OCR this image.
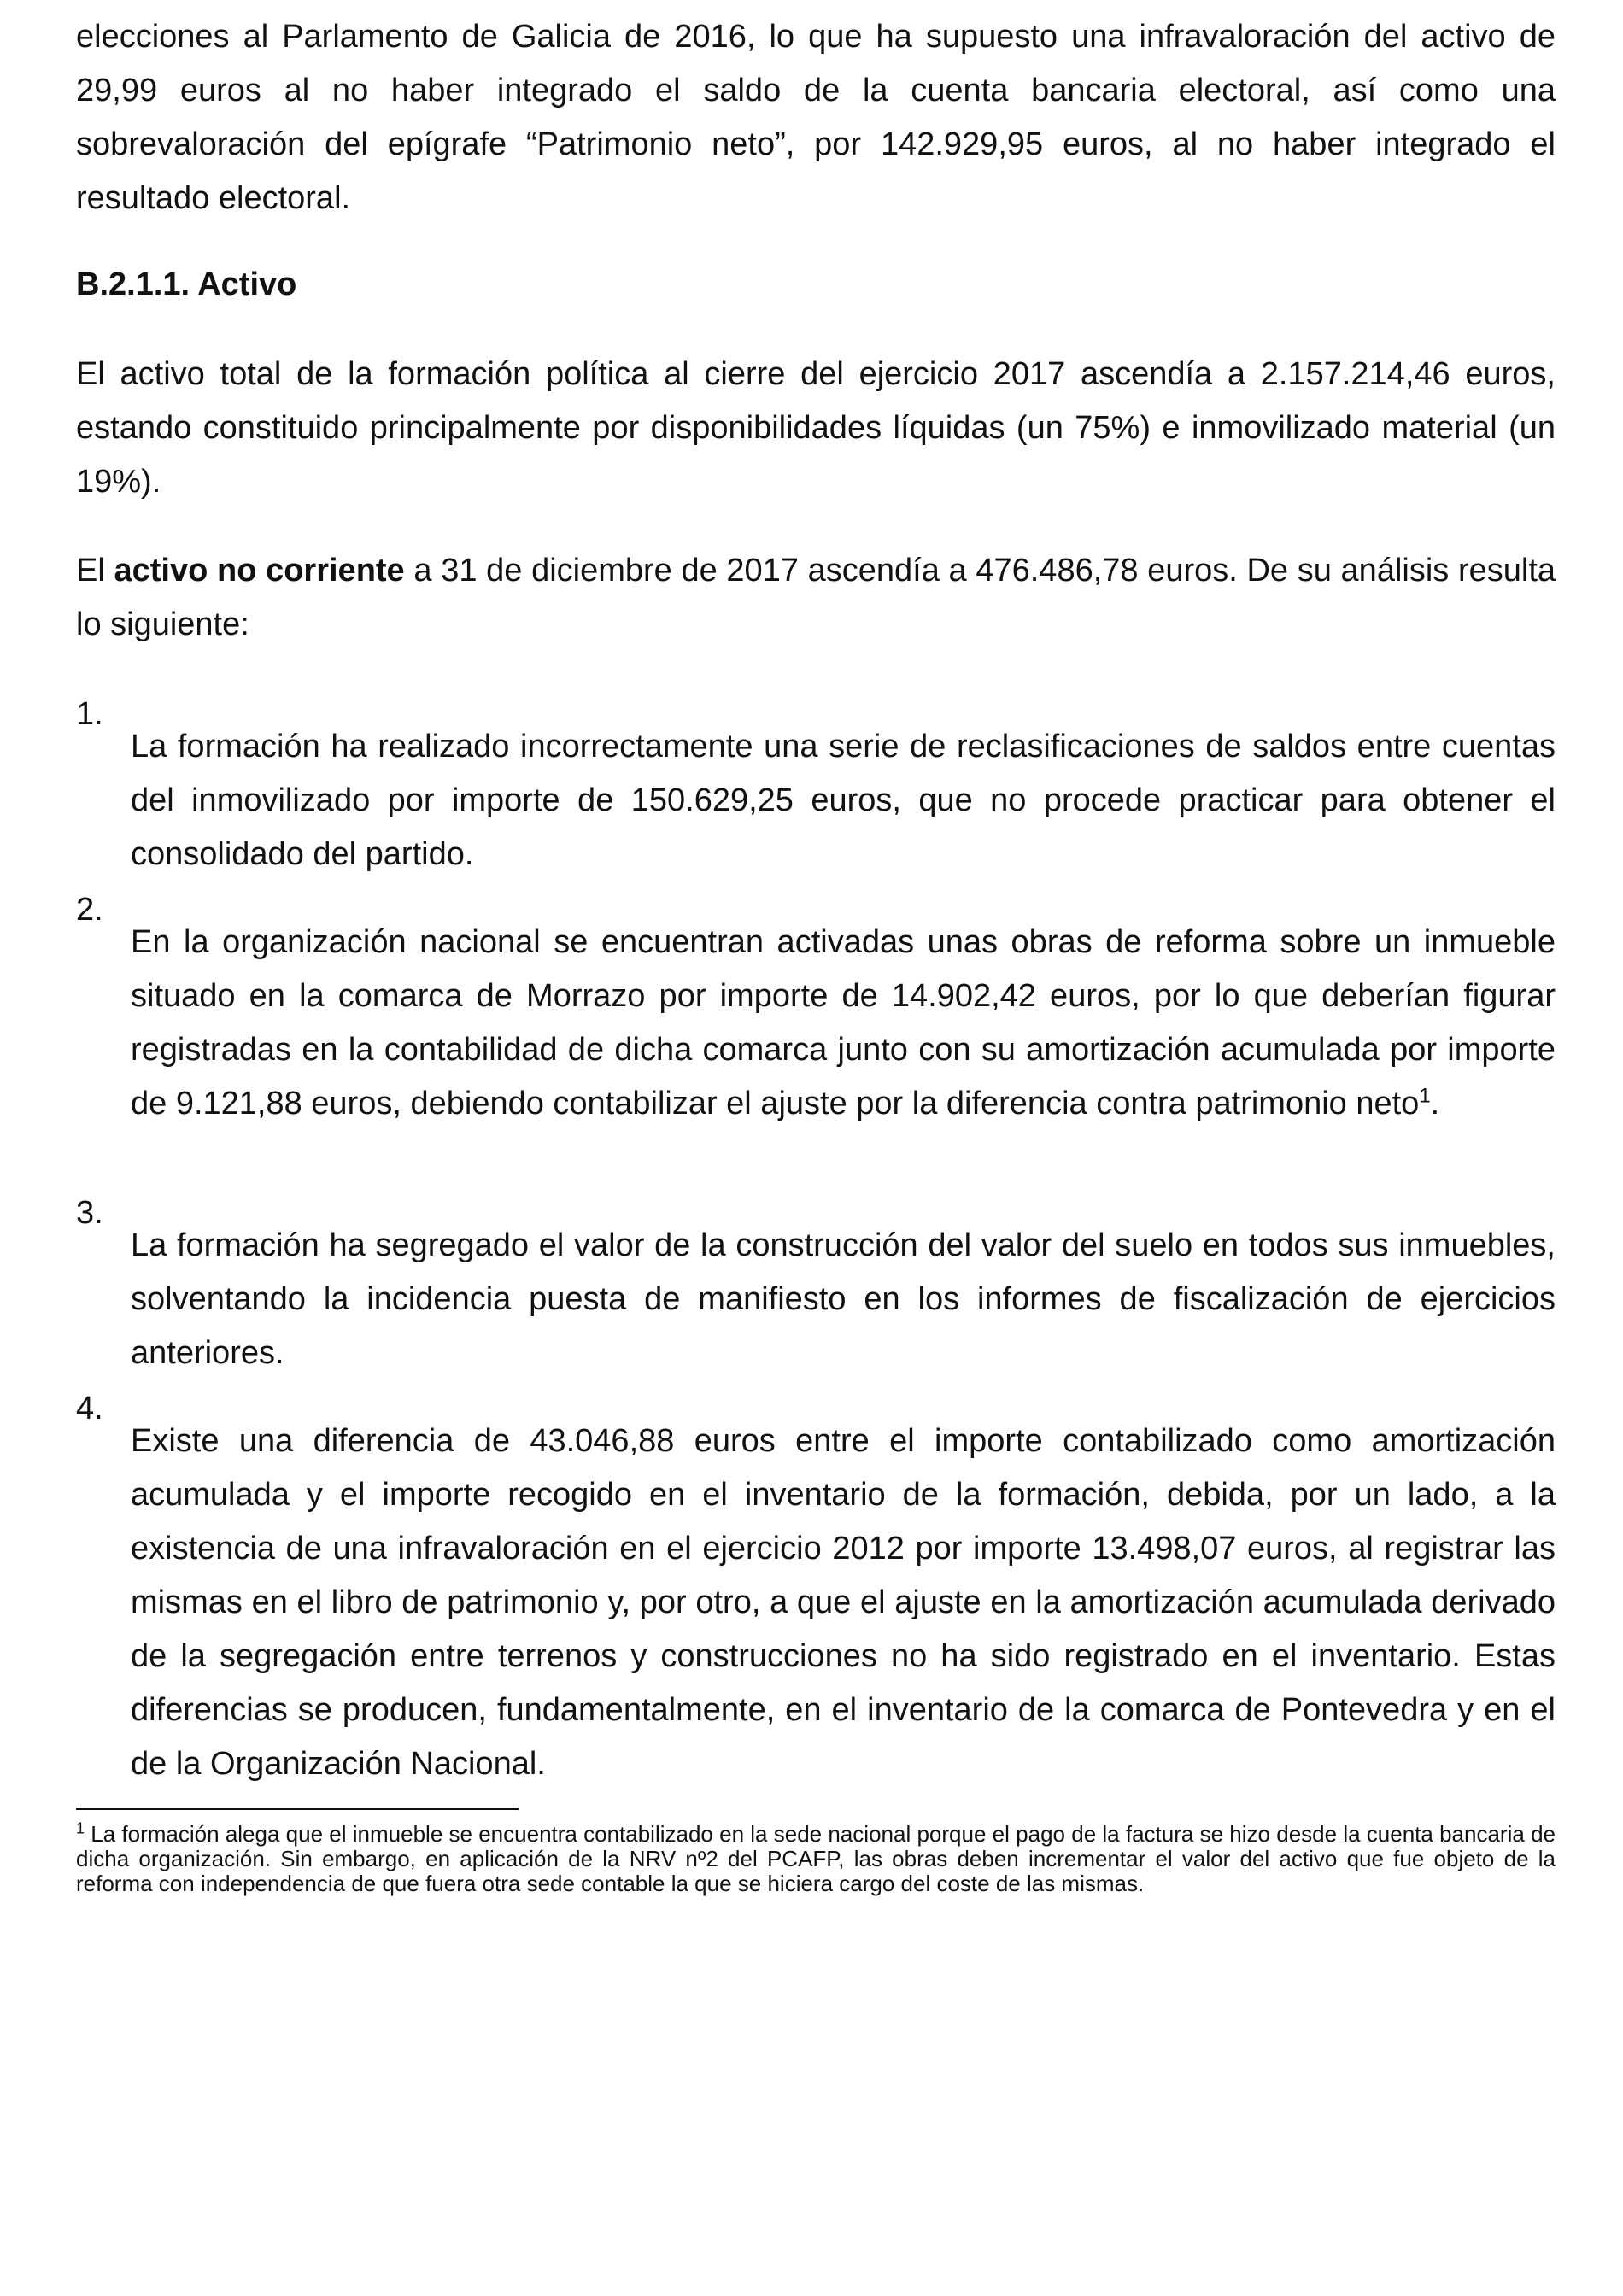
elecciones al Parlamento de Galicia de 2016, lo que ha supuesto una infravaloración del activo de 29,99 euros al no haber integrado el saldo de la cuenta bancaria electoral, así como una sobrevaloración del epígrafe “Patrimonio neto”, por 142.929,95 euros, al no haber integrado el resultado electoral.

B.2.1.1. Activo

El activo total de la formación política al cierre del ejercicio 2017 ascendía a 2.157.214,46 euros, estando constituido principalmente por disponibilidades líquidas (un 75%) e inmovilizado material (un 19%).

El activo no corriente a 31 de diciembre de 2017 ascendía a 476.486,78 euros. De su análisis resulta lo siguiente:

1.

La formación ha realizado incorrectamente una serie de reclasificaciones de saldos entre cuentas del inmovilizado por importe de 150.629,25 euros, que no procede practicar para obtener el consolidado del partido.

2.

En la organización nacional se encuentran activadas unas obras de reforma sobre un inmueble situado en la comarca de Morrazo por importe de 14.902,42 euros, por lo que deberían figurar registradas en la contabilidad de dicha comarca junto con su amortización acumulada por importe de 9.121,88 euros, debiendo contabilizar el ajuste por la diferencia contra patrimonio neto$^1$.

3.

La formación ha segregado el valor de la construcción del valor del suelo en todos sus inmuebles, solventando la incidencia puesta de manifiesto en los informes de fiscalización de ejercicios anteriores.

4.

Existe una diferencia de 43.046,88 euros entre el importe contabilizado como amortización acumulada y el importe recogido en el inventario de la formación, debida, por un lado, a la existencia de una infravaloración en el ejercicio 2012 por importe 13.498,07 euros, al registrar las mismas en el libro de patrimonio y, por otro, a que el ajuste en la amortización acumulada derivado de la segregación entre terrenos y construcciones no ha sido registrado en el inventario. Estas diferencias se producen, fundamentalmente, en el inventario de la comarca de Pontevedra y en el de la Organización Nacional.

$^1$ La formación alega que el inmueble se encuentra contabilizado en la sede nacional porque el pago de la factura se hizo desde la cuenta bancaria de dicha organización. Sin embargo, en aplicación de la NRV nº2 del PCAFP, las obras deben incrementar el valor del activo que fue objeto de la reforma con independencia de que fuera otra sede contable la que se hiciera cargo del coste de las mismas.
